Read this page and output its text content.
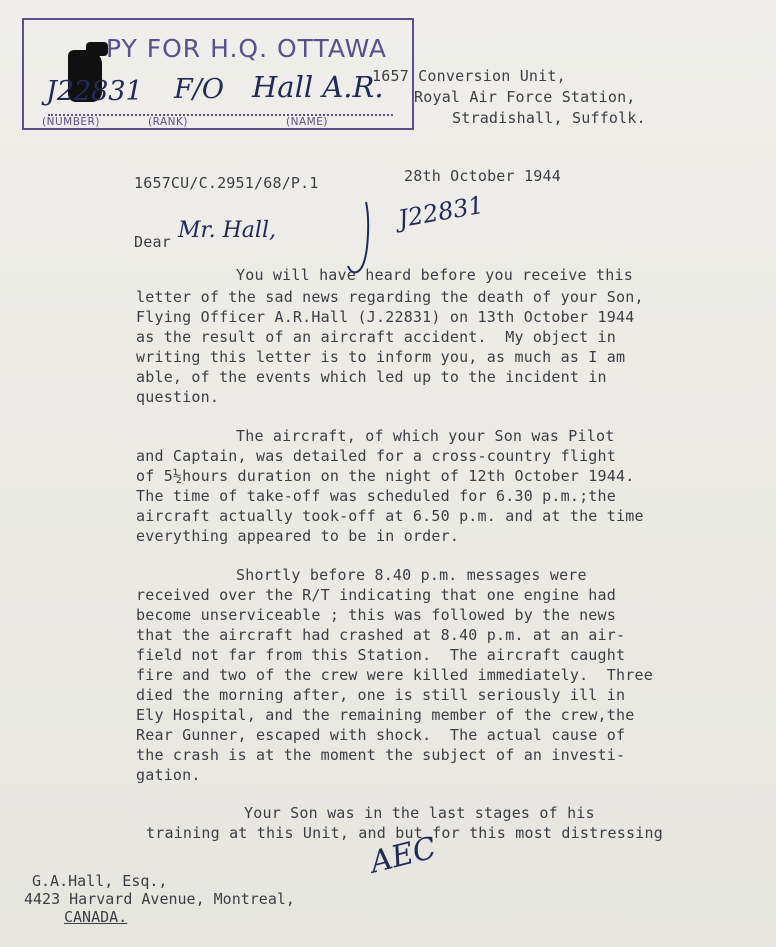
PY FOR H.Q. OTTAWA
J22831 F/O Hall A.R.
(NUMBER)	(RANK)	(NAME)
1657 Conversion Unit,
Royal Air Force Station,
Stradishall, Suffolk.
1657CU/C.2951/68/P.1	28th October 1944
J22831
Dear Mr. Hall,
You will have heard before you receive this
letter of the sad news regarding the death of your Son,
Flying Officer A.R.Hall (J.22831) on 13th October 1944
as the result of an aircraft accident.  My object in
writing this letter is to inform you, as much as I am
able, of the events which led up to the incident in
question.
The aircraft, of which your Son was Pilot
and Captain, was detailed for a cross-country flight
of 5½hours duration on the night of 12th October 1944.
The time of take-off was scheduled for 6.30 p.m.;the
aircraft actually took-off at 6.50 p.m. and at the time
everything appeared to be in order.
Shortly before 8.40 p.m. messages were
received over the R/T indicating that one engine had
become unserviceable ; this was followed by the news
that the aircraft had crashed at 8.40 p.m. at an air-
field not far from this Station.  The aircraft caught
fire and two of the crew were killed immediately.  Three
died the morning after, one is still seriously ill in
Ely Hospital, and the remaining member of the crew,the
Rear Gunner, escaped with shock.  The actual cause of
the crash is at the moment the subject of an investi-
gation.
Your Son was in the last stages of his
training at this Unit, and but for this most distressing
AEC
G.A.Hall, Esq.,
4423 Harvard Avenue, Montreal,
CANADA.
